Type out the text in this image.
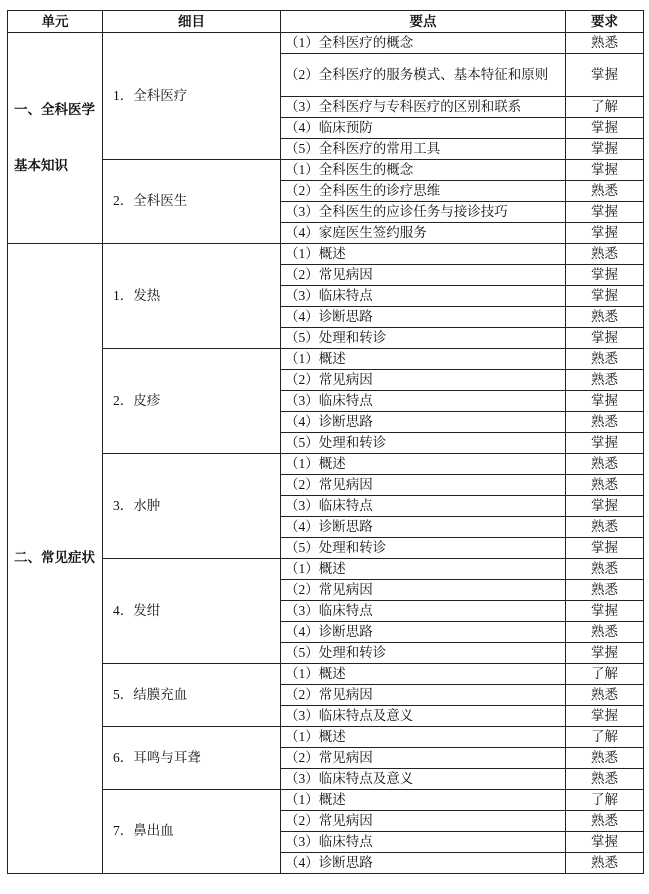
单元	细目	要点	要求

一、全科医学
基本知识	1．全科医疗	（1）全科医疗的概念	熟悉
		（2）全科医疗的服务模式、基本特征和原则	掌握
		（3）全科医疗与专科医疗的区别和联系	了解
		（4）临床预防	掌握
		（5）全科医疗的常用工具	掌握
	2．全科医生	（1）全科医生的概念	掌握
		（2）全科医生的诊疗思维	熟悉
		（3）全科医生的应诊任务与接诊技巧	掌握
		（4）家庭医生签约服务	掌握

二、常见症状	1．发热	（1）概述	熟悉
		（2）常见病因	掌握
		（3）临床特点	掌握
		（4）诊断思路	熟悉
		（5）处理和转诊	掌握
	2．皮疹	（1）概述	熟悉
		（2）常见病因	熟悉
		（3）临床特点	掌握
		（4）诊断思路	熟悉
		（5）处理和转诊	掌握
	3．水肿	（1）概述	熟悉
		（2）常见病因	熟悉
		（3）临床特点	掌握
		（4）诊断思路	熟悉
		（5）处理和转诊	掌握
	4．发绀	（1）概述	熟悉
		（2）常见病因	熟悉
		（3）临床特点	掌握
		（4）诊断思路	熟悉
		（5）处理和转诊	掌握
	5．结膜充血	（1）概述	了解
		（2）常见病因	熟悉
		（3）临床特点及意义	掌握
	6．耳鸣与耳聋	（1）概述	了解
		（2）常见病因	熟悉
		（3）临床特点及意义	熟悉
	7．鼻出血	（1）概述	了解
		（2）常见病因	熟悉
		（3）临床特点	掌握
		（4）诊断思路	熟悉
